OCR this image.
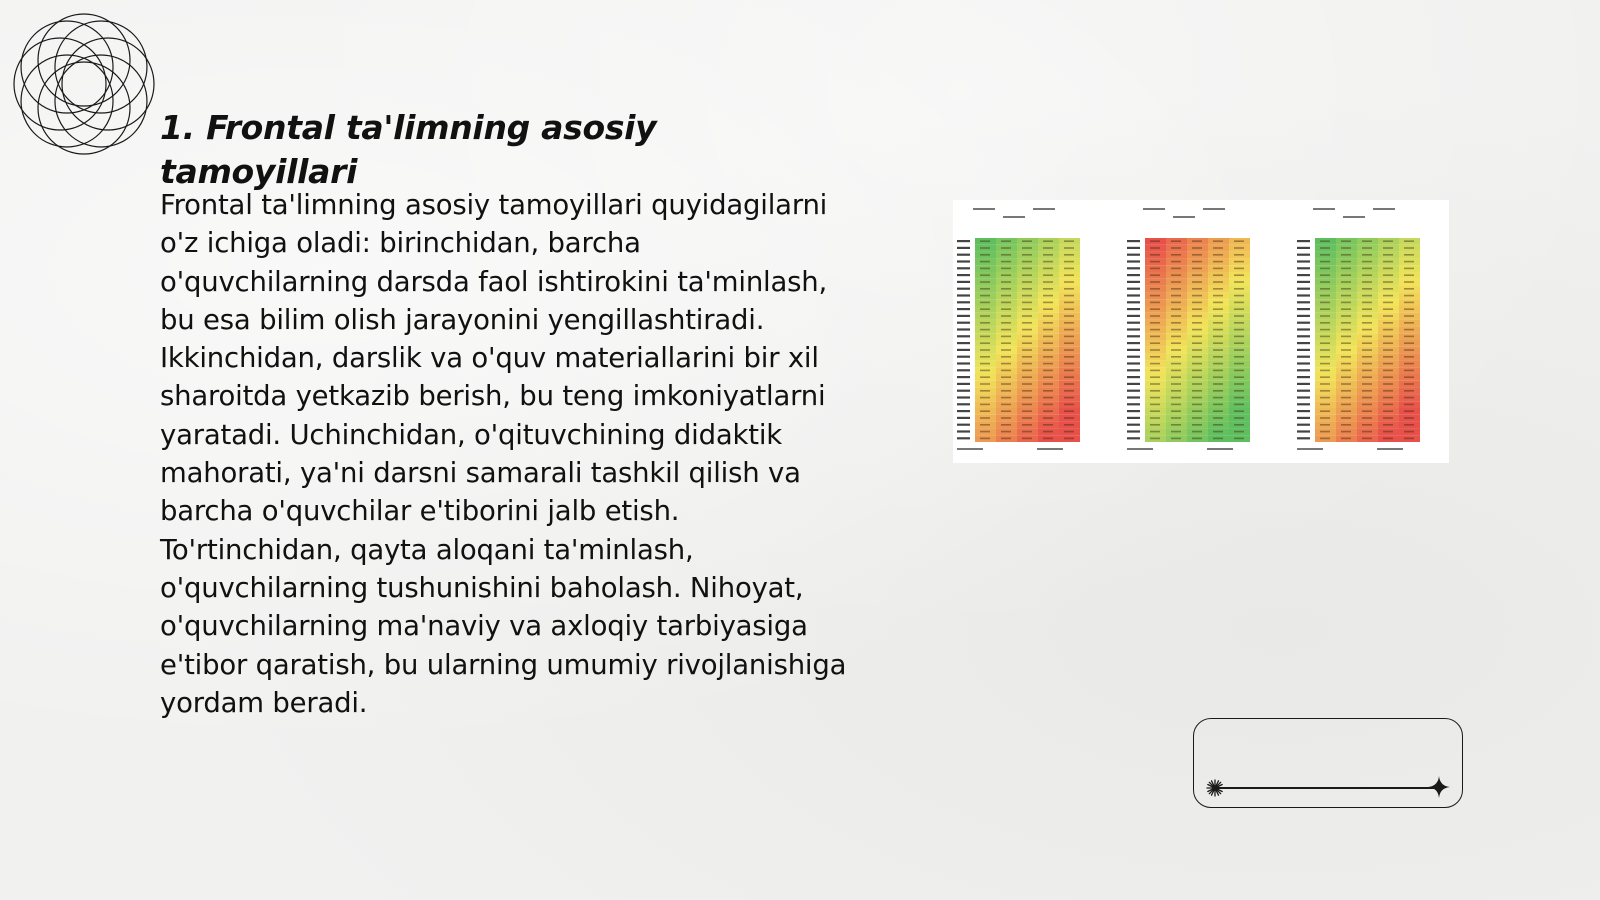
1. Frontal ta'limning asosiy tamoyillari

Frontal ta'limning asosiy tamoyillari quyidagilarni o'z ichiga oladi: birinchidan, barcha o'quvchilarning darsda faol ishtirokini ta'minlash, bu esa bilim olish jarayonini yengillashtiradi. Ikkinchidan, darslik va o'quv materiallarini bir xil sharoitda yetkazib berish, bu teng imkoniyatlarni yaratadi. Uchinchidan, o'qituvchining didaktik mahorati, ya'ni darsni samarali tashkil qilish va barcha o'quvchilar e'tiborini jalb etish. To'rtinchidan, qayta aloqani ta'minlash, o'quvchilarning tushunishini baholash. Nihoyat, o'quvchilarning ma'naviy va axloqiy tarbiyasiga e'tibor qaratish, bu ularning umumiy rivojlanishiga yordam beradi.
